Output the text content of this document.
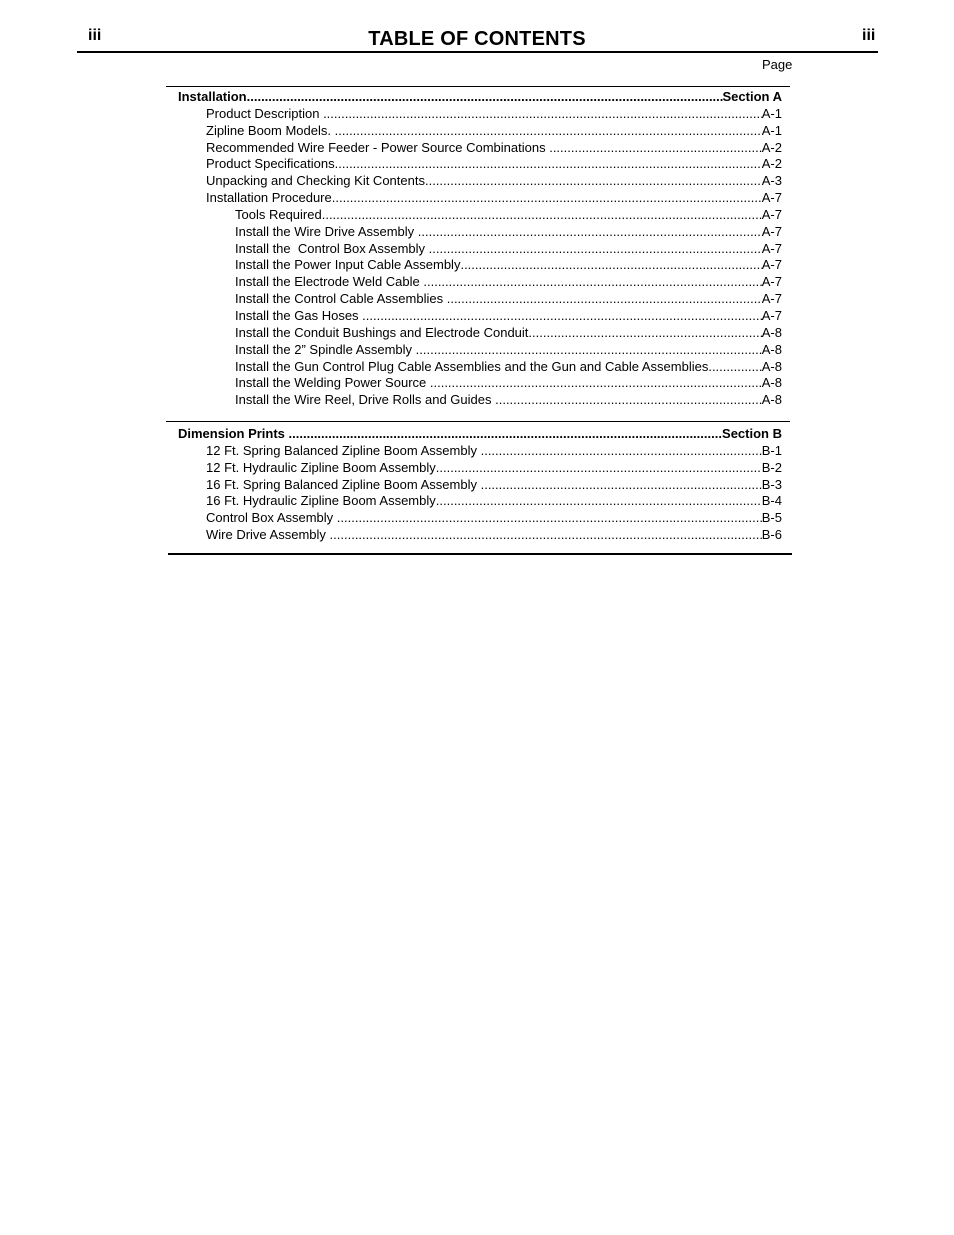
iii	TABLE OF CONTENTS	iii
Page
Installation .....	Section A
Product Description .....	A-1
Zipline Boom Models. .....	A-1
Recommended Wire Feeder - Power Source Combinations .....	A-2
Product Specifications .....	A-2
Unpacking and Checking Kit Contents .....	A-3
Installation Procedure .....	A-7
Tools Required .....	A-7
Install the Wire Drive Assembly .....	A-7
Install the  Control Box Assembly .....	A-7
Install the Power Input Cable Assembly .....	A-7
Install the Electrode Weld Cable .....	A-7
Install the Control Cable Assemblies .....	A-7
Install the Gas Hoses .....	A-7
Install the Conduit Bushings and Electrode Conduit .....	A-8
Install the 2” Spindle Assembly .....	A-8
Install the Gun Control Plug Cable Assemblies and the Gun and Cable Assemblies .....	A-8
Install the Welding Power Source .....	A-8
Install the Wire Reel, Drive Rolls and Guides .....	A-8
Dimension Prints .....	Section B
12 Ft. Spring Balanced Zipline Boom Assembly .....	B-1
12 Ft. Hydraulic Zipline Boom Assembly .....	B-2
16 Ft. Spring Balanced Zipline Boom Assembly .....	B-3
16 Ft. Hydraulic Zipline Boom Assembly .....	B-4
Control Box Assembly .....	B-5
Wire Drive Assembly .....	B-6
